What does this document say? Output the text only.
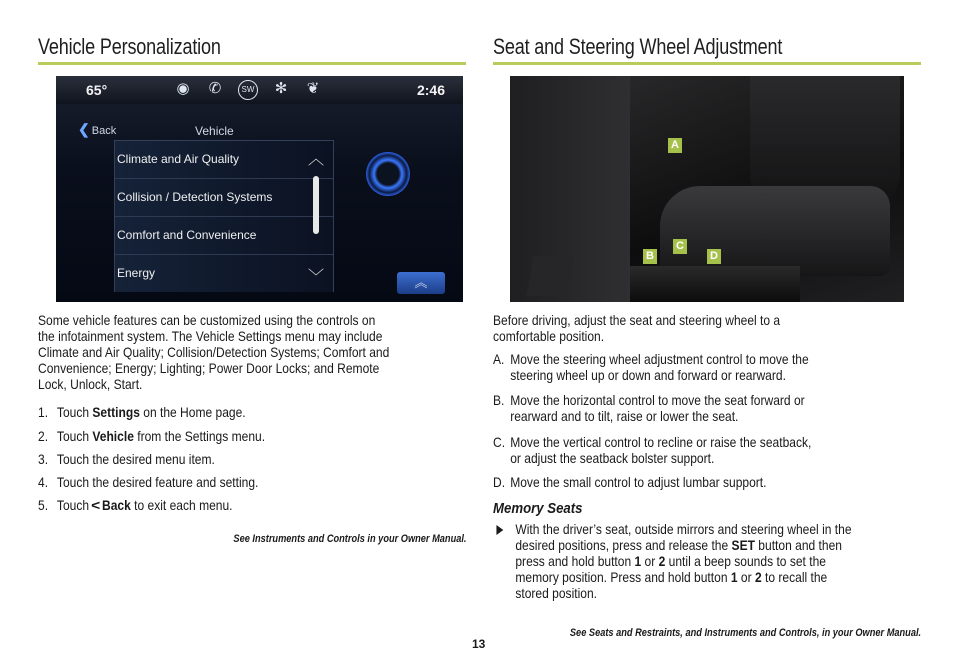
Vehicle Personalization
65°	◉ ✆	SW ✻ ❦	2:46
❮ Back	Vehicle
Climate and Air Quality
Collision / Detection Systems
Comfort and Convenience
Energy
︿
﹀	︽
Some vehicle features can be customized using the controls on
the infotainment system. The Vehicle Settings menu may include
Climate and Air Quality; Collision/Detection Systems; Comfort and
Convenience; Energy; Lighting; Power Door Locks; and Remote
Lock, Unlock, Start.
1. Touch Settings on the Home page.
2. Touch Vehicle from the Settings menu.
3. Touch the desired menu item.
4. Touch the desired feature and setting.
5. Touch < Back to exit each menu.
See Instruments and Controls in your Owner Manual.
Seat and Steering Wheel Adjustment
A
B
C
D
Before driving, adjust the seat and steering wheel to a
comfortable position.
A. Move the steering wheel adjustment control to move the
steering wheel up or down and forward or rearward.
B. Move the horizontal control to move the seat forward or
rearward and to tilt, raise or lower the seat.
C. Move the vertical control to recline or raise the seatback,
or adjust the seatback bolster support.
D. Move the small control to adjust lumbar support.
Memory Seats
With the driver’s seat, outside mirrors and steering wheel in the
desired positions, press and release the SET button and then
press and hold button 1 or 2 until a beep sounds to set the
memory position. Press and hold button 1 or 2 to recall the
stored position.
See Seats and Restraints, and Instruments and Controls, in your Owner Manual.
13
